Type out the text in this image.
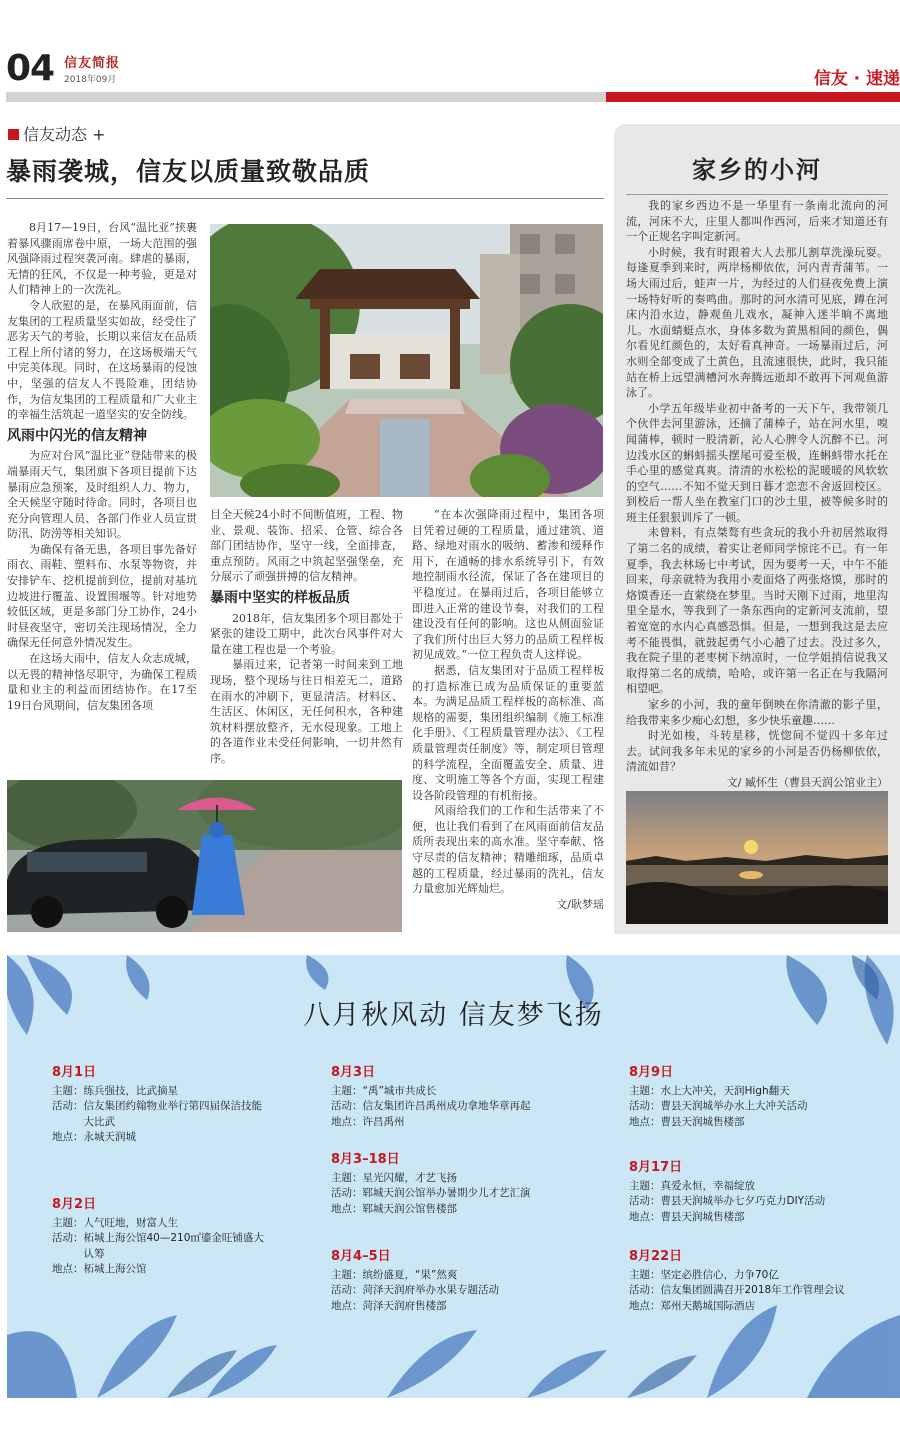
04 信友简报
2018年09月	信友 · 速递
信友动态 +
暴雨袭城，信友以质量致敬品质

8月17—19日，台风“温比亚”挟裹着暴风骤雨席卷中原，一场大范围的强风强降雨过程突袭河南。肆虐的暴雨，无情的狂风，不仅是一种考验，更是对人们精神上的一次洗礼。

令人欣慰的是，在暴风雨面前，信友集团的工程质量坚实如故，经受住了恶劣天气的考验，长期以来信友在品质工程上所付诸的努力，在这场极端天气中完美体现。同时，在这场暴雨的侵蚀中，坚强的信友人不畏险难，团结协作，为信友集团的工程质量和广大业主的幸福生活筑起一道坚实的安全防线。

风雨中闪光的信友精神

为应对台风“温比亚”登陆带来的极端暴雨天气，集团旗下各项目提前下达暴雨应急预案，及时组织人力、物力，全天候坚守随时待命。同时，各项目也充分向管理人员、各部门作业人员宣贯防汛、防涝等相关知识。

为确保有备无患，各项目事先备好雨衣、雨鞋、塑料布、水泵等物资，并安排铲车、挖机提前到位，提前对基坑边坡进行覆盖、设置围堰等。针对地势较低区域，更是多部门分工协作，24小时昼夜坚守，密切关注现场情况，全力确保无任何意外情况发生。

在这场大雨中，信友人众志成城，以无畏的精神恪尽职守，为确保工程质量和业主的利益而团结协作。在17至19日台风期间，信友集团各项

目全天候24小时不间断值班，工程、物业、景观、装饰、招采、仓管、综合各部门团结协作，坚守一线，全面排查，重点预防。风雨之中筑起坚强堡垒，充分展示了顽强拼搏的信友精神。

暴雨中坚实的样板品质

2018年，信友集团多个项目都处于紧张的建设工期中，此次台风事件对大量在建工程也是一个考验。

暴雨过来，记者第一时间来到工地现场，整个现场与往日相差无二，道路在雨水的冲刷下，更显清洁。材料区、生活区、休闲区，无任何积水，各种建筑材料摆放整齐，无水侵现象。工地上的各道作业未受任何影响，一切井然有序。

“在本次强降雨过程中，集团各项目凭着过硬的工程质量，通过建筑、道路、绿地对雨水的吸纳、蓄渗和缓释作用下，在通畅的排水系统导引下，有效地控制雨水径流，保证了各在建项目的平稳度过。在暴雨过后，各项目能够立即进入正常的建设节奏，对我们的工程建设没有任何的影响。这也从侧面验证了我们所付出巨大努力的品质工程样板初见成效。”一位工程负责人这样说。

据悉，信友集团对于品质工程样板的打造标准已成为品质保证的重要蓝本。为满足品质工程样板的高标准、高规格的需要，集团组织编制《施工标准化手册》、《工程质量管理办法》、《工程质量管理责任制度》等，制定项目管理的科学流程，全面覆盖安全、质量、进度、文明施工等各个方面，实现工程建设各阶段管理的有机衔接。

风雨给我们的工作和生活带来了不便，也让我们看到了在风雨面前信友品质所表现出来的高水准。坚守奉献、恪守尽责的信友精神；精雕细琢，品质卓越的工程质量，经过暴雨的洗礼，信友力量愈加光辉灿烂。

文/耿梦瑶
家乡的小河

我的家乡西边不是一华里有一条南北流向的河流，河床不大，庄里人都叫作西河，后来才知道还有一个正规名字叫定新河。

小时候，我有时跟着大人去那儿割草洗澡玩耍。每逢夏季到来时，两岸杨柳依依，河内青青蒲苇。一场大雨过后，蛙声一片，为经过的人们昼夜免费上演一场特好听的奏鸣曲。那时的河水清可见底，蹲在河床内沿水边，静观鱼儿戏水，凝神入迷半晌不离地儿。水面蜻蜓点水，身体多数为黄黑相间的颜色，偶尔看见红颜色的，太好看真神奇。一场暴雨过后，河水则全部变成了土黄色，且流速很快，此时，我只能站在桥上远望满槽河水奔腾远逝却不敢再下河观鱼游泳了。

小学五年级毕业初中备考的一天下午，我带领几个伙伴去河里游泳，还摘了蒲棒子，站在河水里，嗅闻蒲棒，顿时一股清新，沁人心脾令人沉醉不已。河边浅水区的蝌蚪摇头摆尾可爱至极，连蝌蚪带水托在手心里的感觉真爽。清清的水松松的泥暖暖的风软软的空气……不知不觉天到日暮才恋恋不舍返回校区。到校后一帮人坐在教室门口的沙土里，被等候多时的班主任狠狠训斥了一顿。

未曾料，有点桀骜有些贪玩的我小升初居然取得了第二名的成绩，着实让老师同学惊诧不已。有一年夏季，我去林场七中考试，因为要考一天，中午不能回来，母亲就特为我用小麦面烙了两张烙馍，那时的烙馍香还一直萦绕在梦里。当时天刚下过雨，地里沟里全是水，等我到了一条东西向的定新河支流前，望着宽宽的水内心真感恐惧。但是，一想到我这是去应考不能畏惧，就鼓起勇气小心趟了过去。没过多久，我在院子里的老枣树下纳凉时，一位学姐捎信说我又取得第二名的成绩，哈哈，或许第一名正在与我隔河相望吧。

家乡的小河，我的童年倒映在你清澈的影子里，给我带来多少痴心幻想，多少快乐童趣……

时光如梭，斗转星移，恍惚间不觉四十多年过去。试问我多年未见的家乡的小河是否仍杨柳依依，清流如昔？

文/ 臧怀生（曹县天润公馆业主）
八月秋风动 信友梦飞扬
8月1日
主题： 练兵强技，比武摘星
活动： 信友集团约翰物业举行第四届保洁技能大比武
地点： 永城天润城
8月2日
主题： 人气旺地，财富人生
活动： 柘城上海公馆40—210㎡鎏金旺铺盛大认筹
地点： 柘城上海公馆
8月3日
主题： “禹”城市共成长
活动： 信友集团许昌禹州成功拿地华章再起
地点： 许昌禹州
8月3–18日
主题： 星光闪耀，才艺飞扬
活动： 郓城天润公馆举办暑期少儿才艺汇演
地点： 郓城天润公馆售楼部
8月4–5日
主题： 缤纷盛夏，“果”然爽
活动： 菏泽天润府举办水果专题活动
地点： 菏泽天润府售楼部
8月9日
主题： 水上大冲关，天润High翻天
活动： 曹县天润城举办水上大冲关活动
地点： 曹县天润城售楼部
8月17日
主题： 真爱永恒，幸福绽放
活动： 曹县天润城举办七夕巧克力DIY活动
地点： 曹县天润城售楼部
8月22日
主题： 坚定必胜信心，力争70亿
活动： 信友集团圆满召开2018年工作管理会议
地点： 郑州天鹅城国际酒店
